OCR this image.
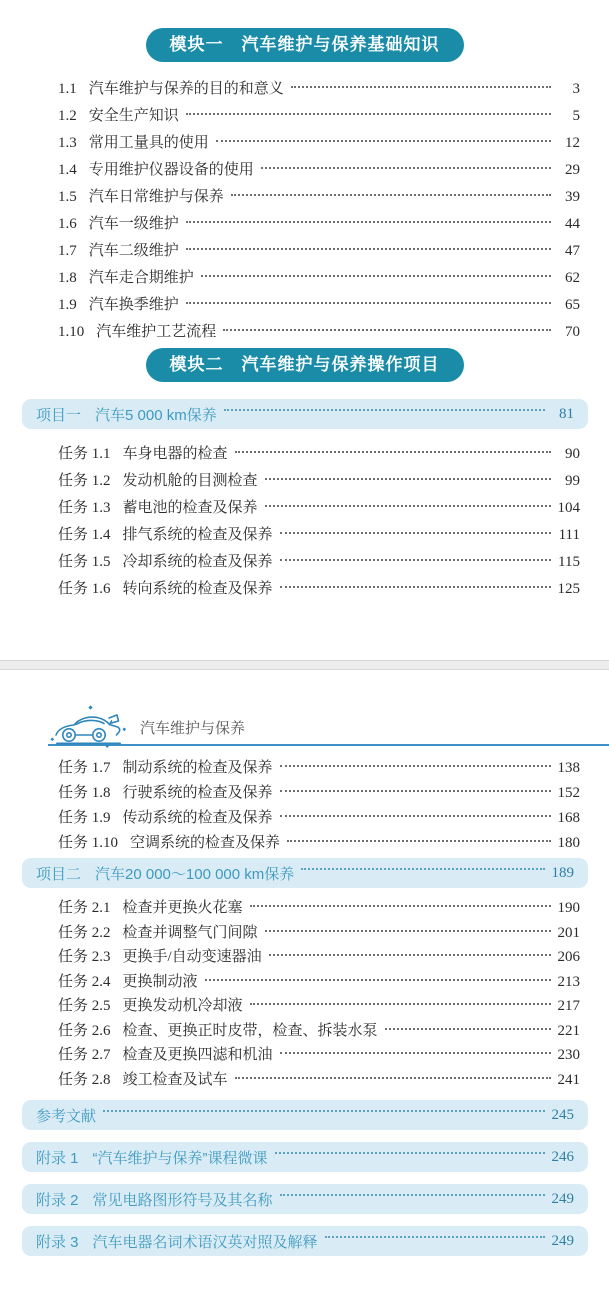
模块一　汽车维护与保养基础知识
1.1 汽车维护与保养的目的和意义	3
1.2 安全生产知识	5
1.3 常用工量具的使用	12
1.4 专用维护仪器设备的使用	29
1.5 汽车日常维护与保养	39
1.6 汽车一级维护	44
1.7 汽车二级维护	47
1.8 汽车走合期维护	62
1.9 汽车换季维护	65
1.10 汽车维护工艺流程	70
模块二　汽车维护与保养操作项目
项目一 汽车5 000 km保养	81
任务 1.1 车身电器的检查	90
任务 1.2 发动机舱的目测检查	99
任务 1.3 蓄电池的检查及保养	104
任务 1.4 排气系统的检查及保养	111
任务 1.5 冷却系统的检查及保养	115
任务 1.6 转向系统的检查及保养	125
汽车维护与保养
任务 1.7 制动系统的检查及保养	138
任务 1.8 行驶系统的检查及保养	152
任务 1.9 传动系统的检查及保养	168
任务 1.10 空调系统的检查及保养	180
项目二 汽车20 000～100 000 km保养	189
任务 2.1 检查并更换火花塞	190
任务 2.2 检查并调整气门间隙	201
任务 2.3 更换手/自动变速器油	206
任务 2.4 更换制动液	213
任务 2.5 更换发动机冷却液	217
任务 2.6 检查、更换正时皮带，检查、拆装水泵	221
任务 2.7 检查及更换四滤和机油	230
任务 2.8 竣工检查及试车	241
参考文献	245
附录 1 “汽车维护与保养”课程微课	246
附录 2 常见电路图形符号及其名称	249
附录 3 汽车电器名词术语汉英对照及解释	249
